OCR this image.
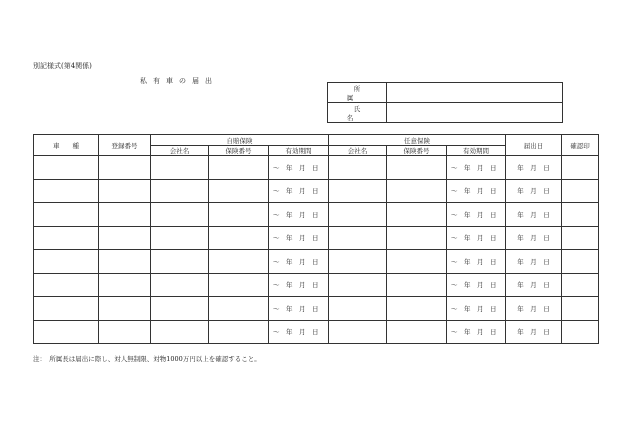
別記様式(第4関係)
私有車の届出
所　属	
氏　名	
車　　種	登録番号	自賠保険			任意保険			届出日	確認印
		会社名	保険番号	有効期間	会社名	保険番号	有効期間		
				～　年　月　日			～　年　月　日	年　月　日	
				～　年　月　日			～　年　月　日	年　月　日	
				～　年　月　日			～　年　月　日	年　月　日	
				～　年　月　日			～　年　月　日	年　月　日	
				～　年　月　日			～　年　月　日	年　月　日	
				～　年　月　日			～　年　月　日	年　月　日	
				～　年　月　日			～　年　月　日	年　月　日	
				～　年　月　日			～　年　月　日	年　月　日	
注：　所属長は届出に際し、対人無制限、対物1000万円以上を確認すること。
